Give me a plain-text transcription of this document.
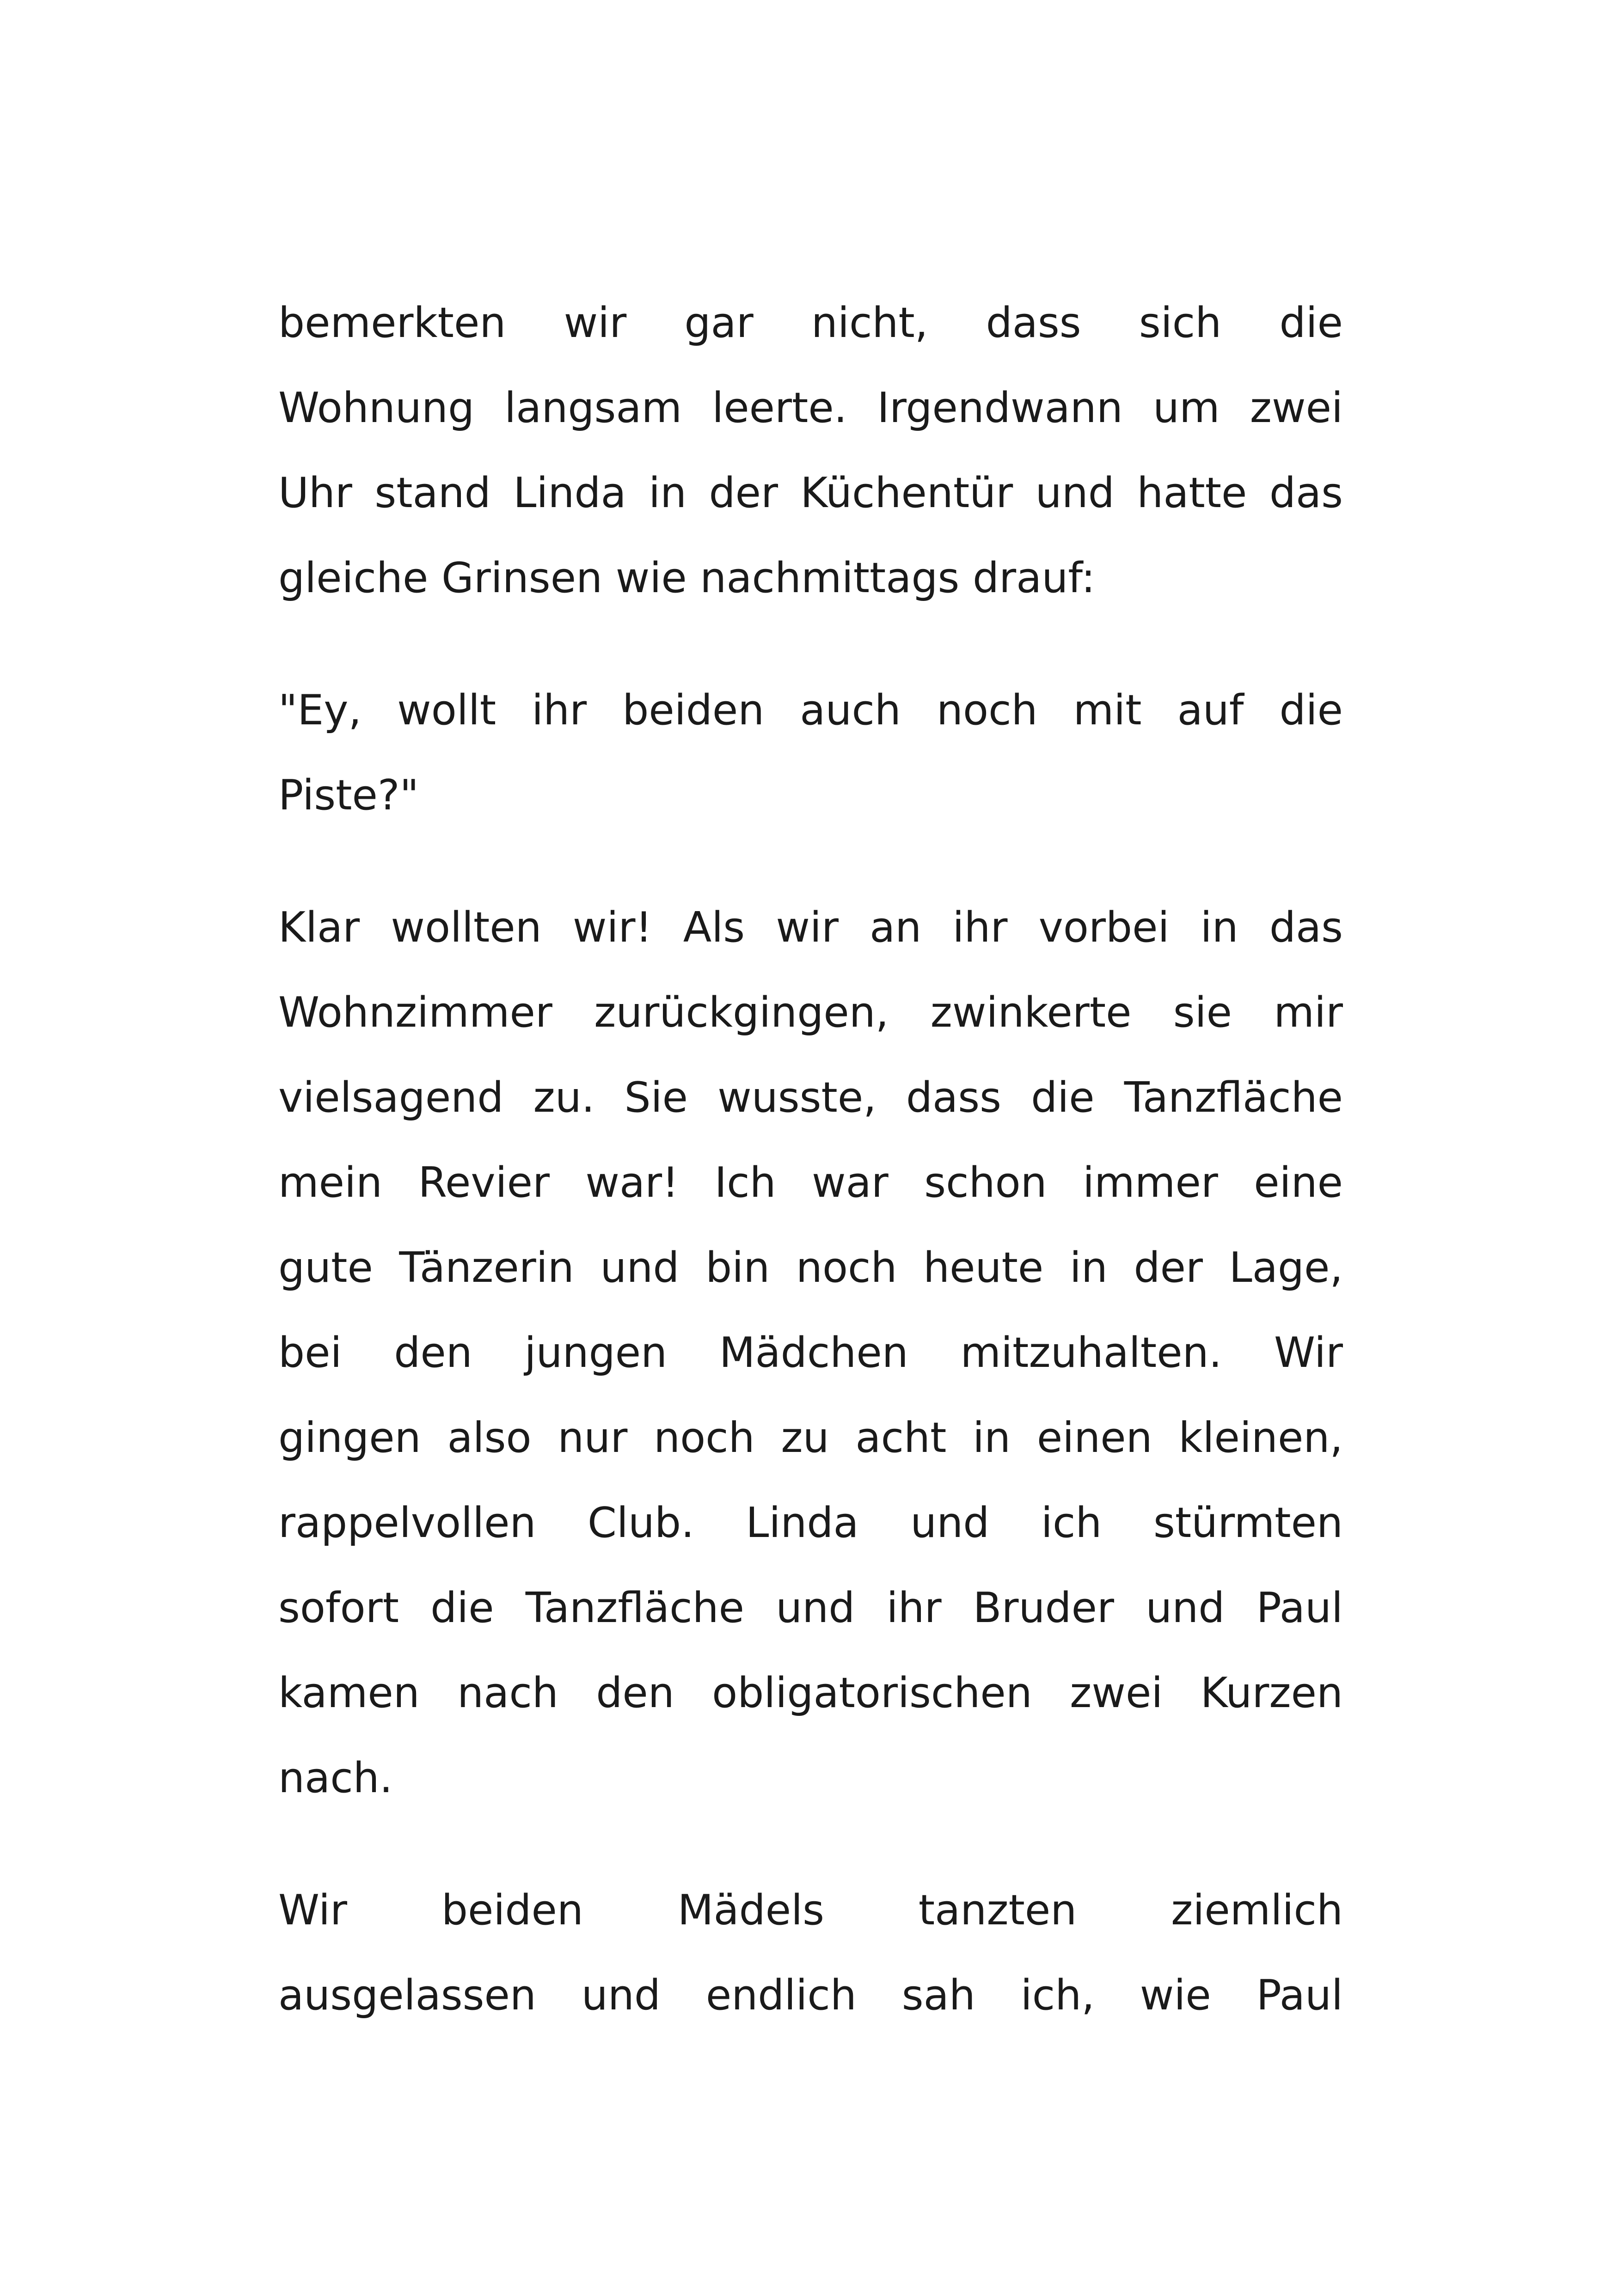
bemerkten wir gar nicht, dass sich die
Wohnung langsam leerte. Irgendwann um zwei
Uhr stand Linda in der Küchentür und hatte das
gleiche Grinsen wie nachmittags drauf:

"Ey, wollt ihr beiden auch noch mit auf die
Piste?"

Klar wollten wir! Als wir an ihr vorbei in das
Wohnzimmer zurückgingen, zwinkerte sie mir
vielsagend zu. Sie wusste, dass die Tanzfläche
mein Revier war! Ich war schon immer eine
gute Tänzerin und bin noch heute in der Lage,
bei den jungen Mädchen mitzuhalten. Wir
gingen also nur noch zu acht in einen kleinen,
rappelvollen Club. Linda und ich stürmten
sofort die Tanzfläche und ihr Bruder und Paul
kamen nach den obligatorischen zwei Kurzen
nach.

Wir beiden Mädels tanzten ziemlich
ausgelassen und endlich sah ich, wie Paul
